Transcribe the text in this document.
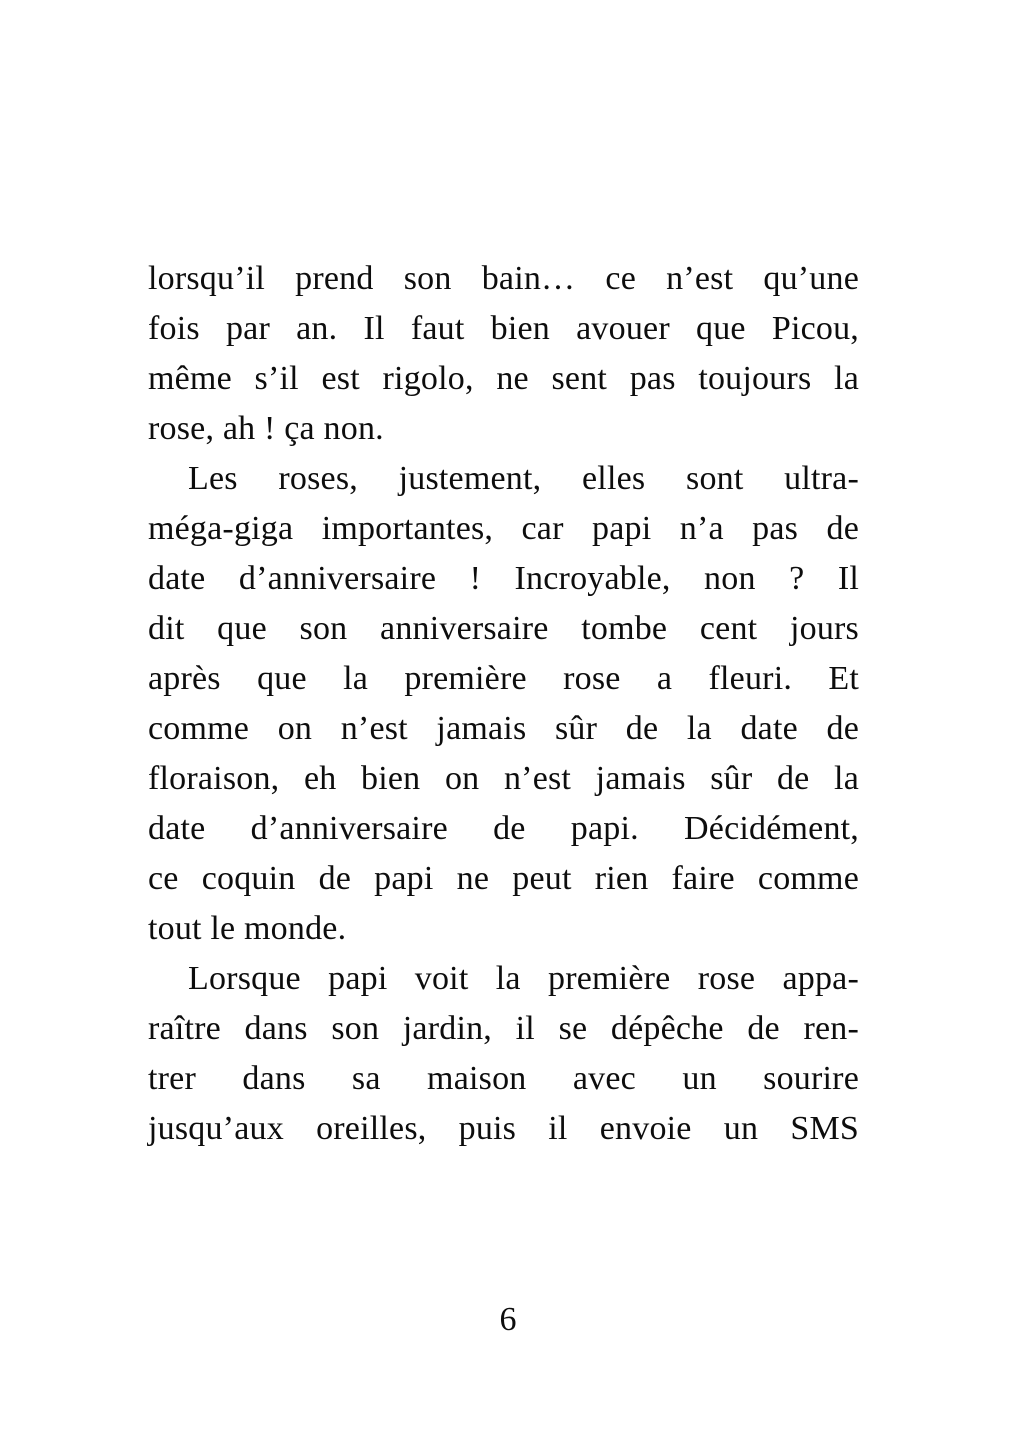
lorsqu’il prend son bain… ce n’est qu’une
fois par an. Il faut bien avouer que Picou,
même s’il est rigolo, ne sent pas toujours la
rose, ah ! ça non.
Les roses, justement, elles sont ultra-
méga-giga importantes, car papi n’a pas de
date d’anniversaire ! Incroyable, non ? Il
dit que son anniversaire tombe cent jours
après que la première rose a fleuri. Et
comme on n’est jamais sûr de la date de
floraison, eh bien on n’est jamais sûr de la
date d’anniversaire de papi. Décidément,
ce coquin de papi ne peut rien faire comme
tout le monde.
Lorsque papi voit la première rose appa-
raître dans son jardin, il se dépêche de ren-
trer dans sa maison avec un sourire
jusqu’aux oreilles, puis il envoie un SMS
6
